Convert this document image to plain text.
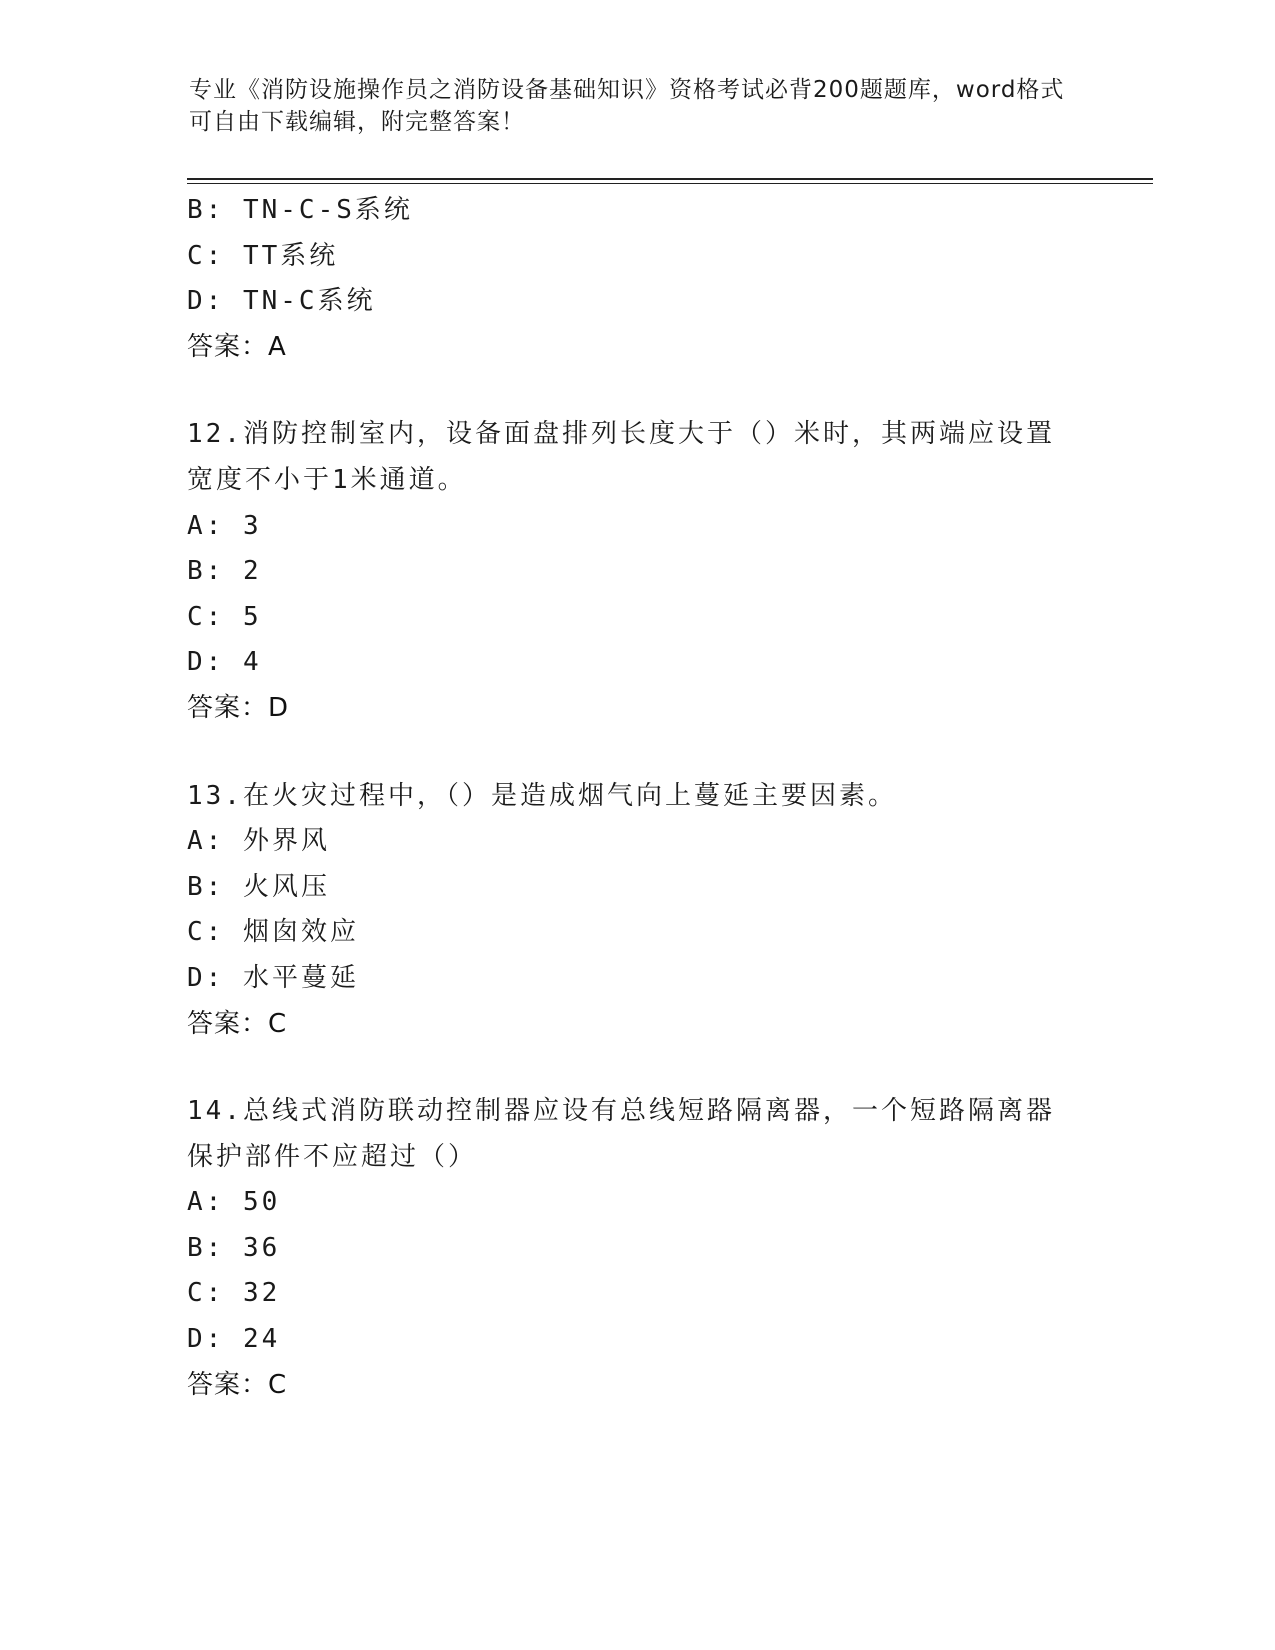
专业《消防设施操作员之消防设备基础知识》资格考试必背200题题库，word格式可自由下载编辑，附完整答案！
B: TN-C-S系统
C: TT系统
D: TN-C系统
答案：A
12.消防控制室内，设备面盘排列长度大于（）米时，其两端应设置宽度不小于1米通道。
A: 3
B: 2
C: 5
D: 4
答案：D
13.在火灾过程中，（）是造成烟气向上蔓延主要因素。
A: 外界风
B: 火风压
C: 烟囱效应
D: 水平蔓延
答案：C
14.总线式消防联动控制器应设有总线短路隔离器，一个短路隔离器保护部件不应超过（）
A: 50
B: 36
C: 32
D: 24
答案：C
